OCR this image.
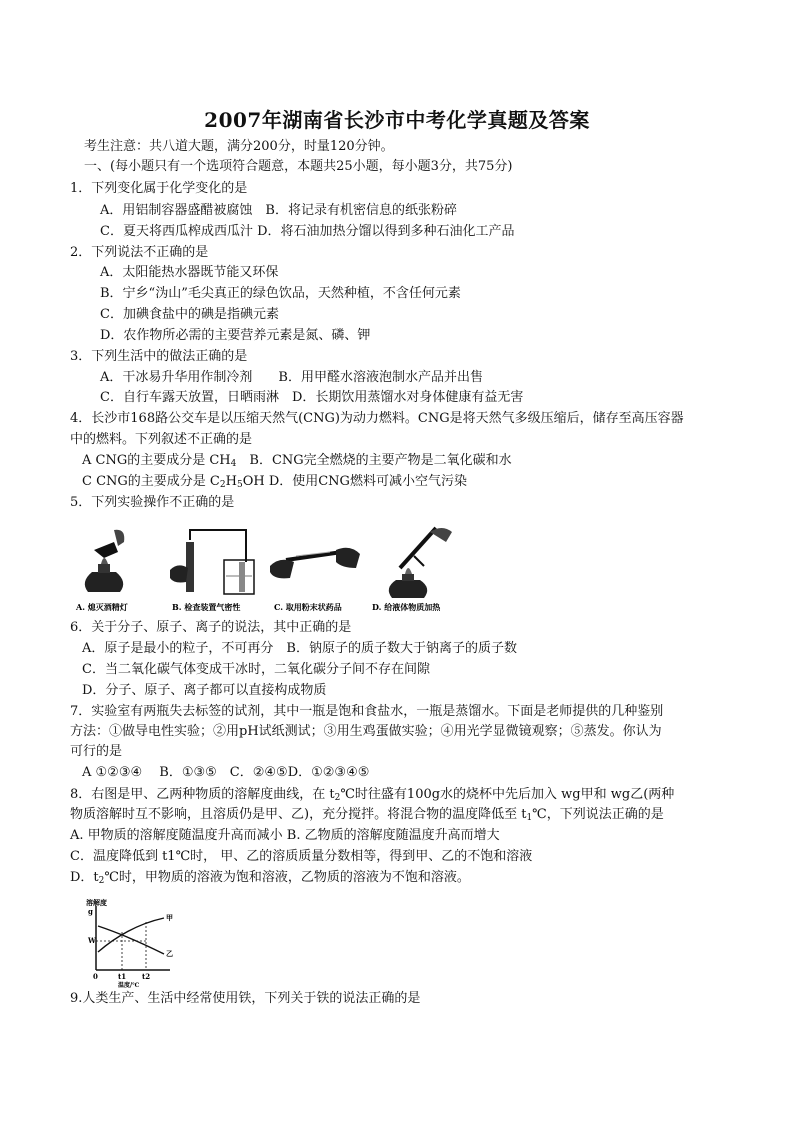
2007年湖南省长沙市中考化学真题及答案
考生注意：共八道大题，满分200分，时量120分钟。
一、(每小题只有一个选项符合题意，本题共25小题，每小题3分，共75分)
1．下列变化属于化学变化的是
A．用铝制容器盛醋被腐蚀　B．将记录有机密信息的纸张粉碎
C．夏天将西瓜榨成西瓜汁 D．将石油加热分馏以得到多种石油化工产品
2．下列说法不正确的是
A．太阳能热水器既节能又环保
B．宁乡“沩山”毛尖真正的绿色饮品，天然种植，不含任何元素
C．加碘食盐中的碘是指碘元素
D．农作物所必需的主要营养元素是氮、磷、钾
3．下列生活中的做法正确的是
A．干冰易升华用作制冷剂　　B．用甲醛水溶液泡制水产品并出售
C．自行车露天放置，日晒雨淋　D．长期饮用蒸馏水对身体健康有益无害
4．长沙市168路公交车是以压缩天然气(CNG)为动力燃料。CNG是将天然气多级压缩后，储存至高压容器
中的燃料。下列叙述不正确的是
A CNG的主要成分是 $CH_4$　B．CNG完全燃烧的主要产物是二氧化碳和水
C CNG的主要成分是 $C_2H_5OH$ D．使用CNG燃料可减小空气污染
5．下列实验操作不正确的是
A. 熄灭酒精灯	B. 检查装置气密性	C. 取用粉末状药品	D. 给液体物质加热
6．关于分子、原子、离子的说法，其中正确的是
A．原子是最小的粒子，不可再分　B．钠原子的质子数大于钠离子的质子数
C．当二氧化碳气体变成干冰时，二氧化碳分子间不存在间隙
D．分子、原子、离子都可以直接构成物质
7．实验室有两瓶失去标签的试剂，其中一瓶是饱和食盐水，一瓶是蒸馏水。下面是老师提供的几种鉴别
方法：①做导电性实验；②用pH试纸测试；③用生鸡蛋做实验；④用光学显微镜观察；⑤蒸发。你认为
可行的是
A ①②③④　 B．①③⑤　C．②④⑤D．①②③④⑤
8．右图是甲、乙两种物质的溶解度曲线，在 $t_2℃$时往盛有100g水的烧杯中先后加入 wg甲和 wg乙(两种
物质溶解时互不影响，且溶质仍是甲、乙)，充分搅拌。将混合物的温度降低至 $t_1℃$，下列说法正确的是
A. 甲物质的溶解度随温度升高而减小 B. 乙物质的溶解度随温度升高而增大
C．温度降低到 t1℃时， 甲、乙的溶质质量分数相等，得到甲、乙的不饱和溶液
D．$t_2℃$时，甲物质的溶液为饱和溶液，乙物质的溶液为不饱和溶液。
溶解度
g
W
甲
乙
0	t1 t2
温度/℃
9.人类生产、生活中经常使用铁，下列关于铁的说法正确的是
